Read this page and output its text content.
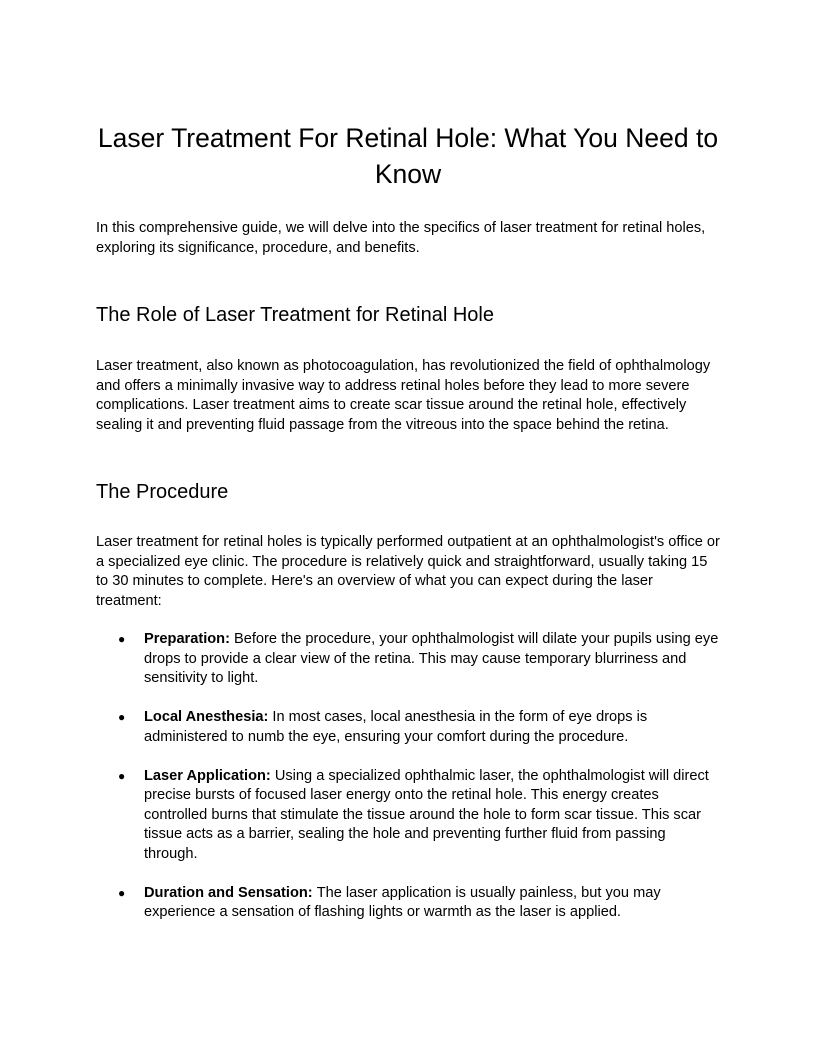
Laser Treatment For Retinal Hole: What You Need to Know

In this comprehensive guide, we will delve into the specifics of laser treatment for retinal holes, exploring its significance, procedure, and benefits.

The Role of Laser Treatment for Retinal Hole

Laser treatment, also known as photocoagulation, has revolutionized the field of ophthalmology and offers a minimally invasive way to address retinal holes before they lead to more severe complications. Laser treatment aims to create scar tissue around the retinal hole, effectively sealing it and preventing fluid passage from the vitreous into the space behind the retina.

The Procedure

Laser treatment for retinal holes is typically performed outpatient at an ophthalmologist's office or a specialized eye clinic. The procedure is relatively quick and straightforward, usually taking 15 to 30 minutes to complete. Here's an overview of what you can expect during the laser treatment:

● Preparation: Before the procedure, your ophthalmologist will dilate your pupils using eye drops to provide a clear view of the retina. This may cause temporary blurriness and sensitivity to light.
● Local Anesthesia: In most cases, local anesthesia in the form of eye drops is administered to numb the eye, ensuring your comfort during the procedure.
● Laser Application: Using a specialized ophthalmic laser, the ophthalmologist will direct precise bursts of focused laser energy onto the retinal hole. This energy creates controlled burns that stimulate the tissue around the hole to form scar tissue. This scar tissue acts as a barrier, sealing the hole and preventing further fluid from passing through.
● Duration and Sensation: The laser application is usually painless, but you may experience a sensation of flashing lights or warmth as the laser is applied.
